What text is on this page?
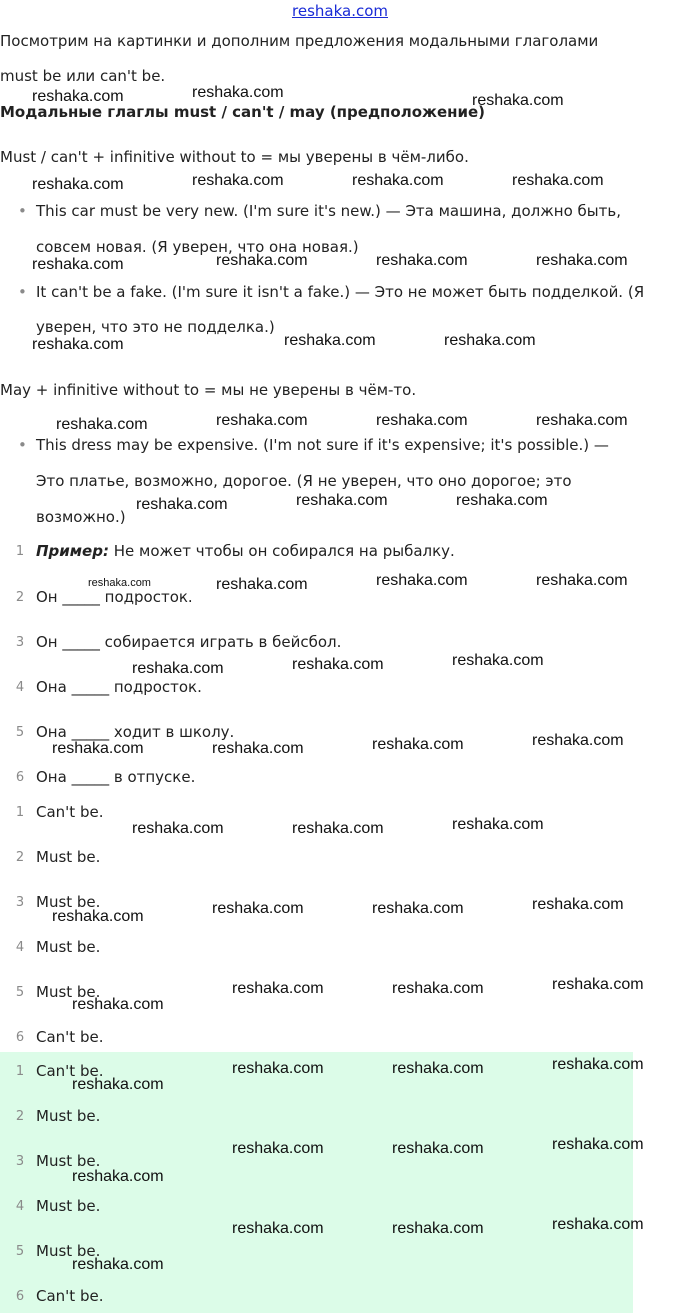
reshaka.com
Посмотрим на картинки и дополним предложения модальными глаголами
must be или can't be.
Модальные глаглы must / can't / may (предположение)
Must / can't + infinitive without to = мы уверены в чём-либо.
• This car must be very new. (I'm sure it's new.) — Эта машина, должно быть,
совсем новая. (Я уверен, что она новая.)
• It can't be a fake. (I'm sure it isn't a fake.) — Это не может быть подделкой. (Я
уверен, что это не подделка.)
May + infinitive without to = мы не уверены в чём-то.
• This dress may be expensive. (I'm not sure if it's expensive; it's possible.) —
Это платье, возможно, дорогое. (Я не уверен, что оно дорогое; это
возможно.)
1 Пример: Не может чтобы он собирался на рыбалку.
2 Он _____ подросток.
3 Он _____ собирается играть в бейсбол.
4 Она _____ подросток.
5 Она _____ ходит в школу.
6 Она _____ в отпуске.
1 Can't be.
2 Must be.
3 Must be.
4 Must be.
5 Must be.
6 Can't be.
1 Can't be.
2 Must be.
3 Must be.
4 Must be.
5 Must be.
6 Can't be.
reshaka.com	reshaka.com	reshaka.com
reshaka.com	reshaka.com	reshaka.com	reshaka.com
reshaka.com	reshaka.com	reshaka.com	reshaka.com
reshaka.com	reshaka.com	reshaka.com
reshaka.com	reshaka.com	reshaka.com	reshaka.com
reshaka.com	reshaka.com	reshaka.com
reshaka.com	reshaka.com	reshaka.com	reshaka.com
reshaka.com	reshaka.com	reshaka.com
reshaka.com	reshaka.com	reshaka.com	reshaka.com
reshaka.com	reshaka.com	reshaka.com
reshaka.com	reshaka.com	reshaka.com	reshaka.com
reshaka.com
reshaka.com	reshaka.com	reshaka.com
reshaka.com
reshaka.com	reshaka.com	reshaka.com
reshaka.com
reshaka.com	reshaka.com	reshaka.com
reshaka.com	reshaka.com	reshaka.com
reshaka.com
